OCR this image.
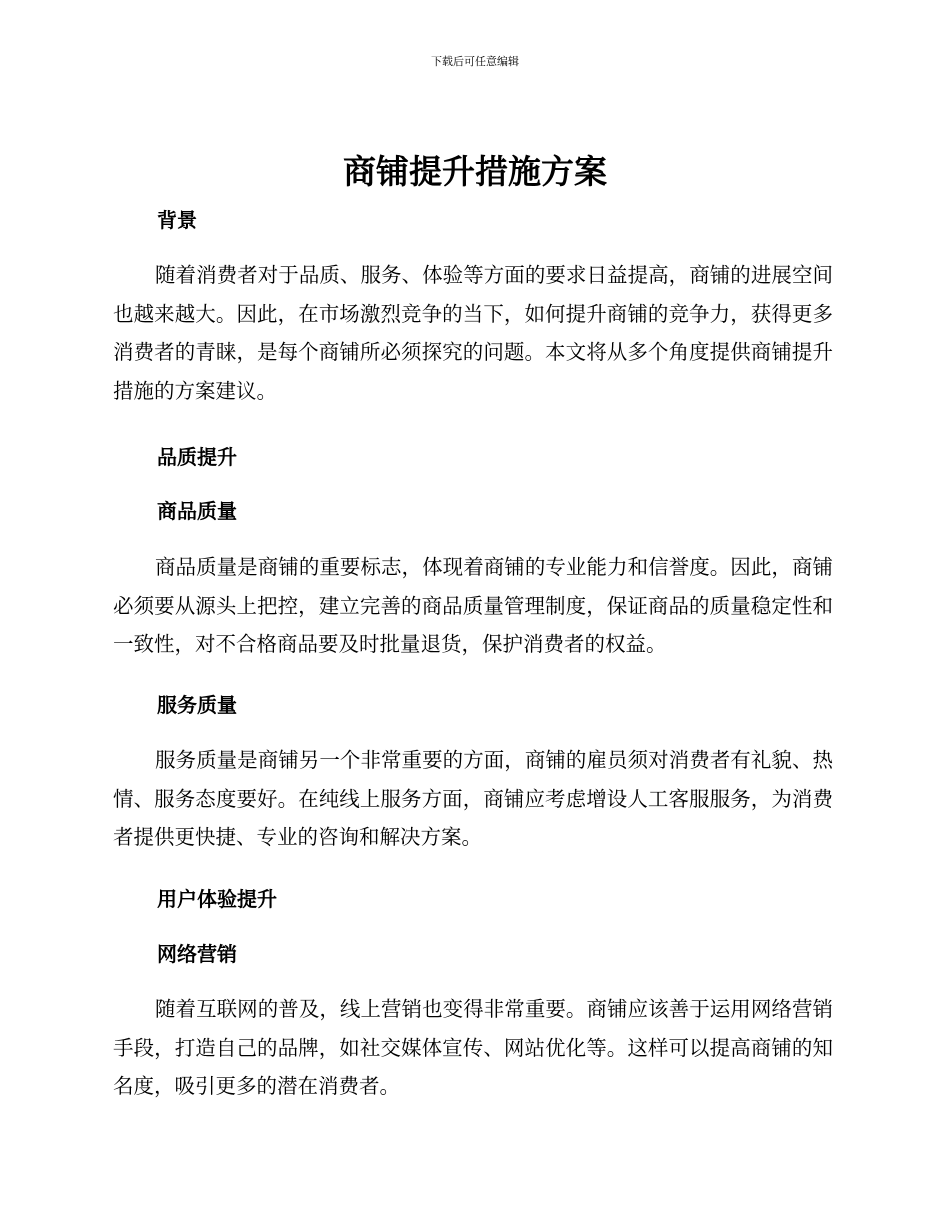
下载后可任意编辑
商铺提升措施方案
背景

随着消费者对于品质、服务、体验等方面的要求日益提高，商铺的进展空间也越来越大。因此，在市场激烈竞争的当下，如何提升商铺的竞争力，获得更多消费者的青睐，是每个商铺所必须探究的问题。本文将从多个角度提供商铺提升措施的方案建议。

品质提升
商品质量

商品质量是商铺的重要标志，体现着商铺的专业能力和信誉度。因此，商铺必须要从源头上把控，建立完善的商品质量管理制度，保证商品的质量稳定性和一致性，对不合格商品要及时批量退货，保护消费者的权益。

服务质量

服务质量是商铺另一个非常重要的方面，商铺的雇员须对消费者有礼貌、热情、服务态度要好。在纯线上服务方面，商铺应考虑增设人工客服服务，为消费者提供更快捷、专业的咨询和解决方案。

用户体验提升
网络营销

随着互联网的普及，线上营销也变得非常重要。商铺应该善于运用网络营销手段，打造自己的品牌，如社交媒体宣传、网站优化等。这样可以提高商铺的知名度，吸引更多的潜在消费者。
